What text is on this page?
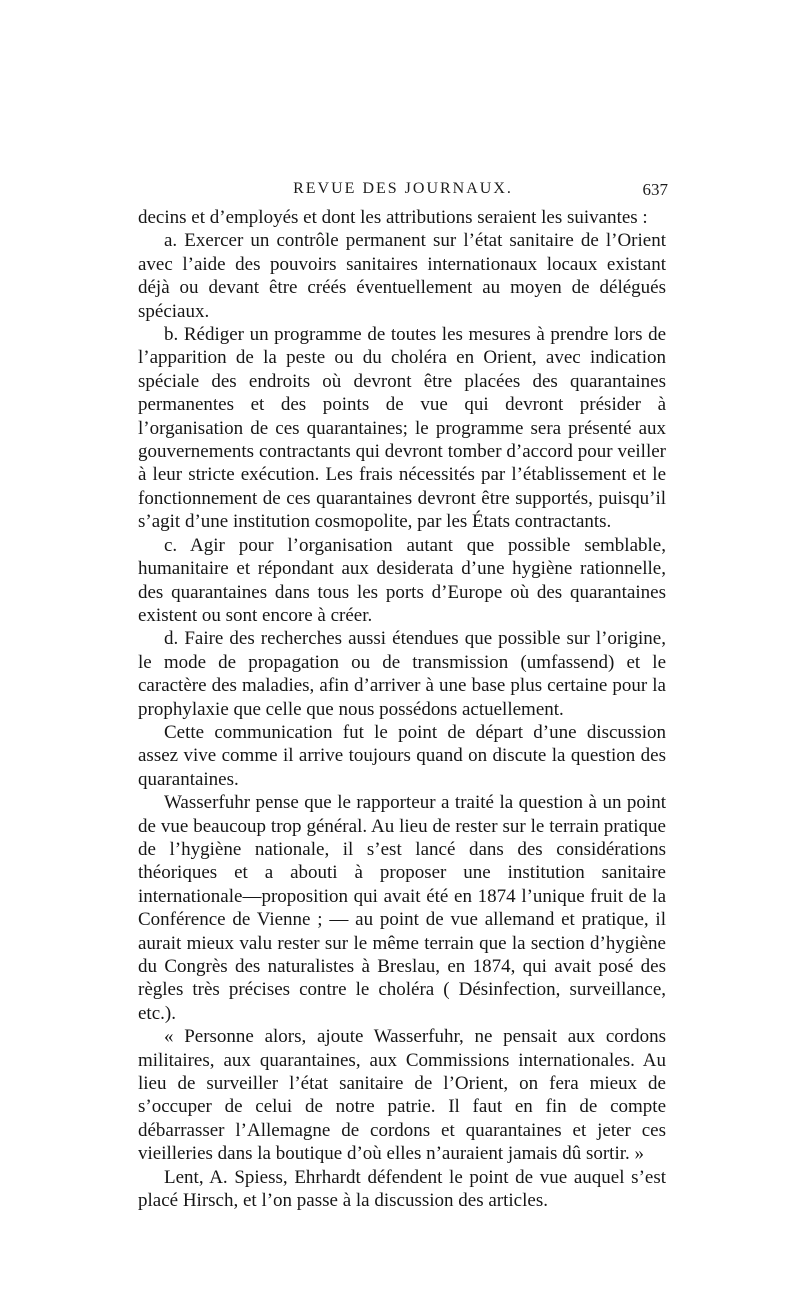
REVUE DES JOURNAUX.	637

decins et d’employés et dont les attributions seraient les suivantes :

a. Exercer un contrôle permanent sur l’état sanitaire de l’Orient avec l’aide des pouvoirs sanitaires internationaux locaux existant déjà ou devant être créés éventuellement au moyen de délégués spéciaux.

b. Rédiger un programme de toutes les mesures à prendre lors de l’apparition de la peste ou du choléra en Orient, avec indication spéciale des endroits où devront être placées des quarantaines permanentes et des points de vue qui devront présider à l’organisation de ces quarantaines; le programme sera présenté aux gouvernements contractants qui devront tomber d’accord pour veiller à leur stricte exécution. Les frais nécessités par l’établissement et le fonctionnement de ces quarantaines devront être supportés, puisqu’il s’agit d’une institution cosmopolite, par les États contractants.

c. Agir pour l’organisation autant que possible semblable, humanitaire et répondant aux desiderata d’une hygiène rationnelle, des quarantaines dans tous les ports d’Europe où des quarantaines existent ou sont encore à créer.

d. Faire des recherches aussi étendues que possible sur l’origine, le mode de propagation ou de transmission (umfassend) et le caractère des maladies, afin d’arriver à une base plus certaine pour la prophylaxie que celle que nous possédons actuellement.

Cette communication fut le point de départ d’une discussion assez vive comme il arrive toujours quand on discute la question des quarantaines.

Wasserfuhr pense que le rapporteur a traité la question à un point de vue beaucoup trop général. Au lieu de rester sur le terrain pratique de l’hygiène nationale, il s’est lancé dans des considérations théoriques et a abouti à proposer une institution sanitaire internationale—proposition qui avait été en 1874 l’unique fruit de la Conférence de Vienne ; — au point de vue allemand et pratique, il aurait mieux valu rester sur le même terrain que la section d’hygiène du Congrès des naturalistes à Breslau, en 1874, qui avait posé des règles très précises contre le choléra ( Désinfection, surveillance, etc.).

« Personne alors, ajoute Wasserfuhr, ne pensait aux cordons militaires, aux quarantaines, aux Commissions internationales. Au lieu de surveiller l’état sanitaire de l’Orient, on fera mieux de s’occuper de celui de notre patrie. Il faut en fin de compte débarrasser l’Allemagne de cordons et quarantaines et jeter ces vieilleries dans la boutique d’où elles n’auraient jamais dû sortir. »

Lent, A. Spiess, Ehrhardt défendent le point de vue auquel s’est placé Hirsch, et l’on passe à la discussion des articles.
